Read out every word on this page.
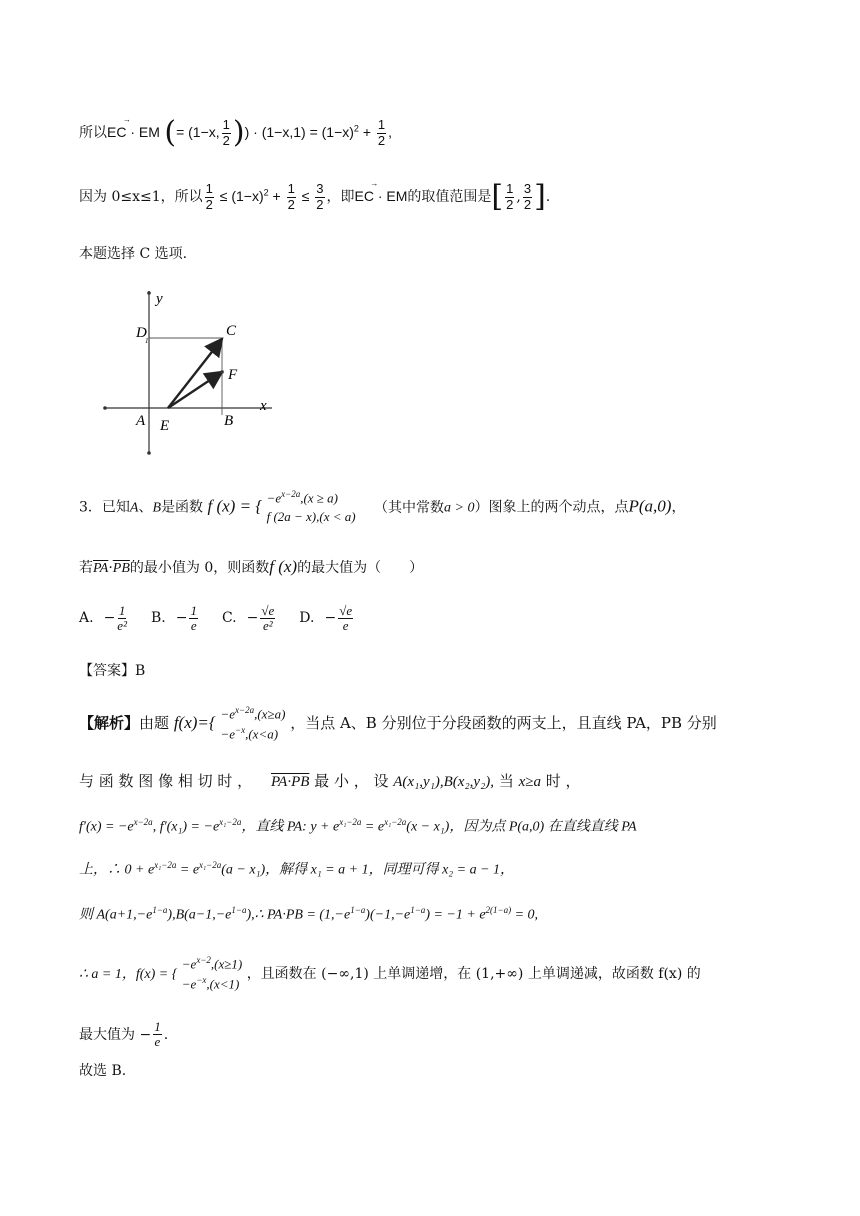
所以→ EC · EM (= (1−x, $\frac{1}{2}$ )) · $(1-x,1) = (1-x)^2 + \frac{1}{2}$ ,
因为 0≤x≤1，所以 $\frac{1}{2} \le (1-x)^2 + \frac{1}{2} \le \frac{3}{2}$ ，即→ EC · EM的取值范围是[ $\frac{1}{2}$ , $\frac{3}{2}$ ].
本题选择 C 选项.
y
x
D
1
C
F
A E	B
3．已知A、B是函数 f (x) = { $-e^{x-2a},(x \ge a)$
f (2a − x),(x < a)
（其中常数a > 0）图象上的两个动点，点P(a,0)，
若$\overline{PA}\cdot\overline{PB}$的最小值为 0，则函数f (x)的最大值为（　　）
A. − $\frac{1}{\text{e²}} B$. − $\frac{1}{e} C$. − $\frac{√e}{\text{e²}} D$. − $\frac{√e}{e}$
【答案】B
【解析】由题 $f(x)=\{ -e^{x-2a},(x\ge a)$
$-e^{-x},(x<a)$
，当点 A、B 分别位于分段函数的两支上，且直线 PA，PB 分别
与 函 数 图 像 相 切 时 ， PA·PB 最 小 ， 设 A(x₁,y₁),B(x₂,y₂), 当 x≥a 时 ，
$f'(x) = -e^{x-2a}$, $f'(x_1) = -e^{x_1-2a}$，直线 PA: $y + e^{x_1-2a} = e^{x_1-2a}(x - x_1)$，因为点 P(a,0) 在直线直线 PA
上，∴ $0 + e^{x_1-2a} = e^{x_1-2a}(a - x_1)$，解得 x₁ = a + 1，同理可得 x₂ = a − 1，
则 $A(a+1,-e^{1-a}),B(a-1,-e^{1-a}),\therefore$ $PA\cdot PB = (1,-e^{1-a})(-1,-e^{1-a}) = -1 + e^{2(1-a)} = 0$,
∴ a = 1，f(x) = {
$-e^{x-2},(x\ge 1)$
$-e^{-x},(x<1)$
，且函数在 (−∞,1) 上单调递增，在 (1,+∞) 上单调递减，故函数 f(x) 的
最大值为 − $\frac{1}{e}$ .
故选 B.
